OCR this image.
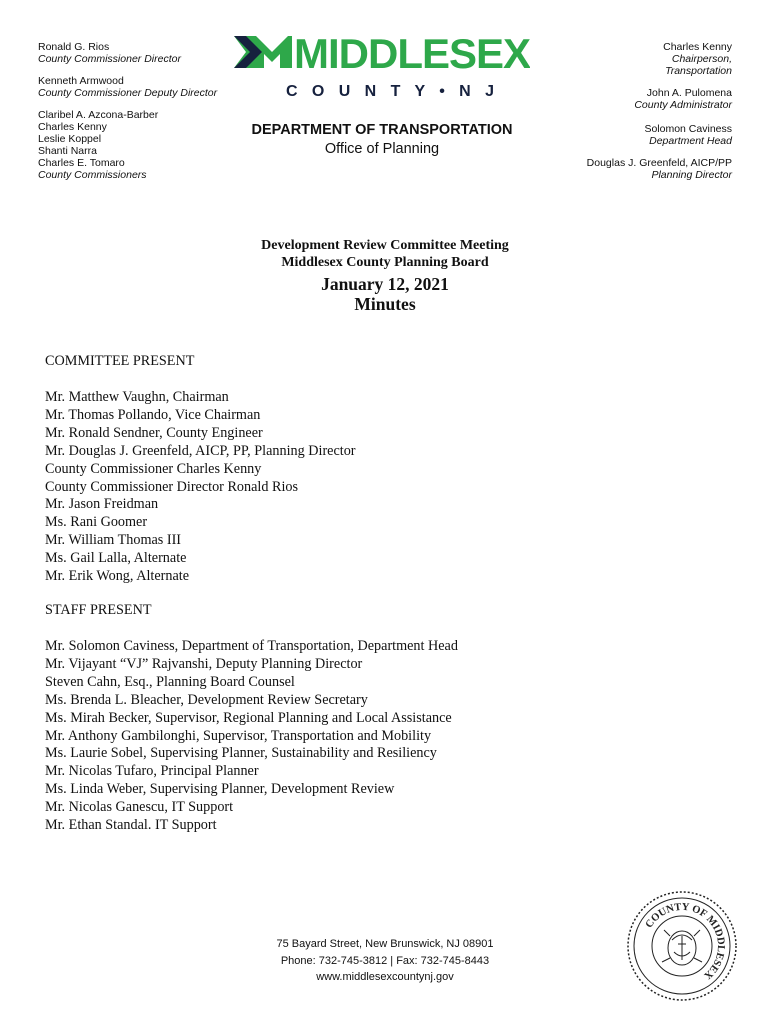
Ronald G. Rios
County Commissioner Director
Kenneth Armwood
County Commissioner Deputy Director
Claribel A. Azcona-Barber
Charles Kenny
Leslie Koppel
Shanti Narra
Charles E. Tomaro
County Commissioners
MIDDLESEX
C O U N T Y • N J
DEPARTMENT OF TRANSPORTATION
Office of Planning
Charles Kenny
Chairperson,
Transportation
John A. Pulomena
County Administrator
Solomon Caviness
Department Head
Douglas J. Greenfeld, AICP/PP
Planning Director
Development Review Committee Meeting
Middlesex County Planning Board
January 12, 2021
Minutes
COMMITTEE PRESENT
Mr. Matthew Vaughn, Chairman
Mr. Thomas Pollando, Vice Chairman
Mr. Ronald Sendner, County Engineer
Mr. Douglas J. Greenfeld, AICP, PP, Planning Director
County Commissioner Charles Kenny
County Commissioner Director Ronald Rios
Mr. Jason Freidman
Ms. Rani Goomer
Mr. William Thomas III
Ms. Gail Lalla, Alternate
Mr. Erik Wong, Alternate
STAFF PRESENT
Mr. Solomon Caviness, Department of Transportation, Department Head
Mr. Vijayant “VJ” Rajvanshi, Deputy Planning Director
Steven Cahn, Esq., Planning Board Counsel
Ms. Brenda L. Bleacher, Development Review Secretary
Ms. Mirah Becker, Supervisor, Regional Planning and Local Assistance
Mr. Anthony Gambilonghi, Supervisor, Transportation and Mobility
Ms. Laurie Sobel, Supervising Planner, Sustainability and Resiliency
Mr. Nicolas Tufaro, Principal Planner
Ms. Linda Weber, Supervising Planner, Development Review
Mr. Nicolas Ganescu, IT Support
Mr. Ethan Standal. IT Support
75 Bayard Street, New Brunswick, NJ 08901
Phone: 732-745-3812 | Fax: 732-745-8443
www.middlesexcountynj.gov
COUNTY OF MIDDLESEX
